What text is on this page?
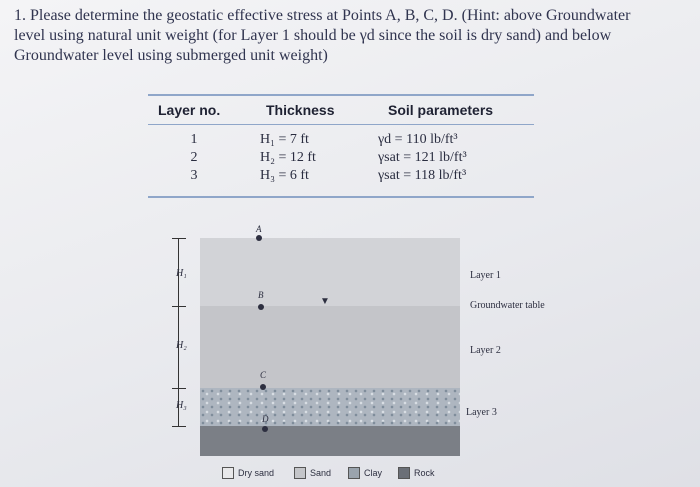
1. Please determine the geostatic effective stress at Points A, B, C, D. (Hint: above Groundwater

level using natural unit weight (for Layer 1 should be γd since the soil is dry sand) and below

Groundwater level using submerged unit weight)

Layer no.	Thickness	Soil parameters
1	H₁ = 7 ft	γd = 110 lb/ft³
2	H₂ = 12 ft	γsat = 121 lb/ft³
3	H₃ = 6 ft	γsat = 118 lb/ft³
H₁
H₂
H₃
A
B
C
D
▼
Layer 1
Groundwater table
Layer 2
Layer 3
Dry sand	Sand	Clay	Rock
